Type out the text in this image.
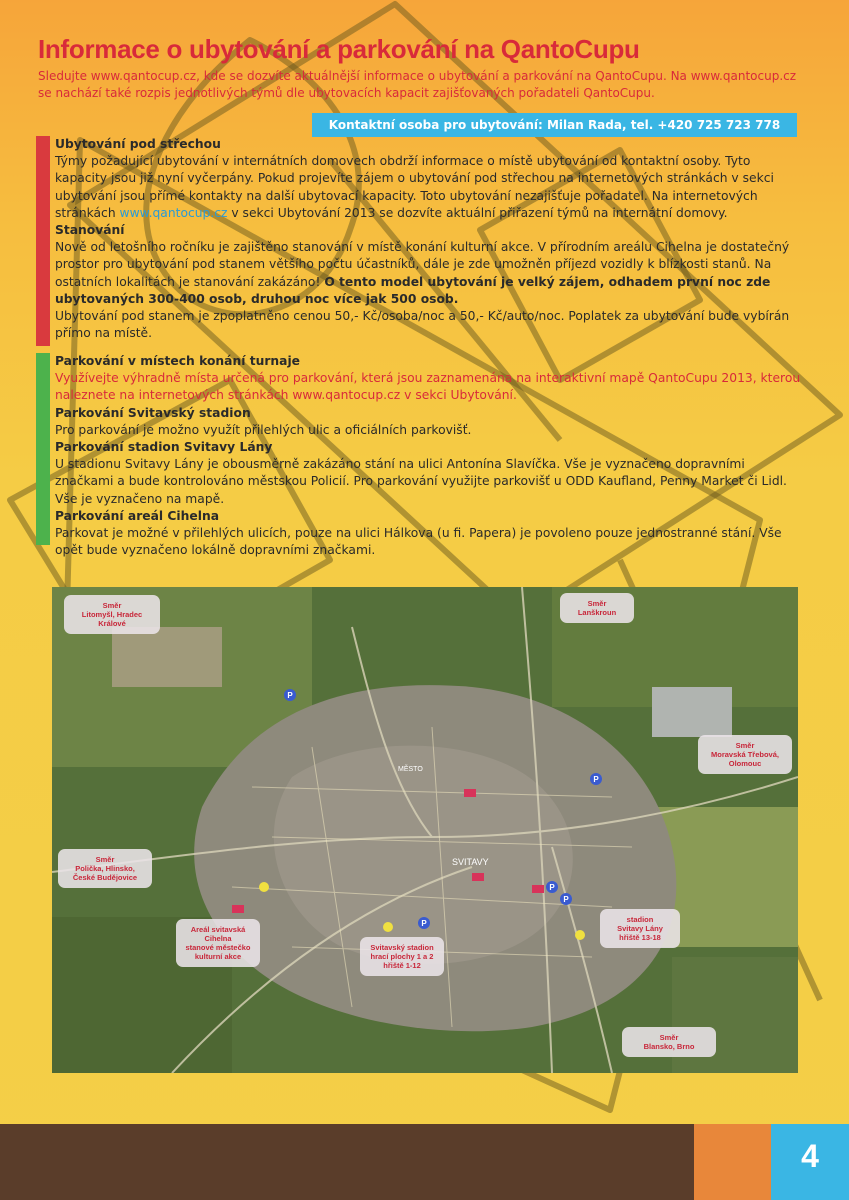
Informace o ubytování a parkování na QantoCupu

Sledujte www.qantocup.cz, kde se dozvíte aktuálnější informace o ubytování a parkování na QantoCupu. Na www.qantocup.cz se nachází také rozpis jednotlivých týmů dle ubytovacích kapacit zajišťovaných pořadateli QantoCupu.

Kontaktní osoba pro ubytování: Milan Rada, tel. +420 725 723 778
Ubytování pod střechou

Týmy požadující ubytování v internátních domovech obdrží informace o místě ubytování od kontaktní osoby. Tyto kapacity jsou již nyní vyčerpány. Pokud projevíte zájem o ubytování pod střechou na internetových stránkách v sekci ubytování jsou přímé kontakty na další ubytovací kapacity. Toto ubytování nezajišťuje pořadatel. Na internetových stránkách www.qantocup.cz v sekci Ubytování 2013 se dozvíte aktuální přiřazení týmů na internátní domovy.

Stanování

Nově od letošního ročníku je zajištěno stanování v místě konání kulturní akce. V přírodním areálu Cihelna je dostatečný prostor pro ubytování pod stanem většího počtu účastníků, dále je zde umožněn příjezd vozidly k blízkosti stanů. Na ostatních lokalitách je stanování zakázáno! O tento model ubytování je velký zájem, odhadem první noc zde ubytovaných 300-400 osob, druhou noc více jak 500 osob.

Ubytování pod stanem je zpoplatněno cenou 50,- Kč/osoba/noc a 50,- Kč/auto/noc. Poplatek za ubytování bude vybírán přímo na místě.

Parkování v místech konání turnaje

Využívejte výhradně místa určená pro parkování, která jsou zaznamenána na interaktivní mapě QantoCupu 2013, kterou naleznete na internetových stránkách www.qantocup.cz v sekci Ubytování.

Parkování Svitavský stadion

Pro parkování je možno využít přilehlých ulic a oficiálních parkovišť.

Parkování stadion Svitavy Lány

U stadionu Svitavy Lány je obousměrně zakázáno stání na ulici Antonína Slavíčka. Vše je vyznačeno dopravními značkami a bude kontrolováno městskou Policií. Pro parkování využijte parkovišť u ODD Kaufland, Penny Market či Lidl. Vše je vyznačeno na mapě.

Parkování areál Cihelna

Parkovat je možné v přilehlých ulicích, pouze na ulici Hálkova (u fi. Papera) je povoleno pouze jednostranné stání. Vše opět bude vyznačeno lokálně dopravními značkami.

P
P
P
P
P
SVITAVY
MĚSTO
Směr
Litomyšl, Hradec
Králové
Směr
Lanškroun
Směr
Moravská Třebová,
Olomouc
Směr
Polička, Hlinsko,
České Budějovice
Areál svitavská
Cihelna
stanové městečko
kulturní akce
Svitavský stadion
hrací plochy 1 a 2
hřiště 1-12
stadion
Svitavy Lány
hřiště 13-18
Směr
Blansko, Brno
4
